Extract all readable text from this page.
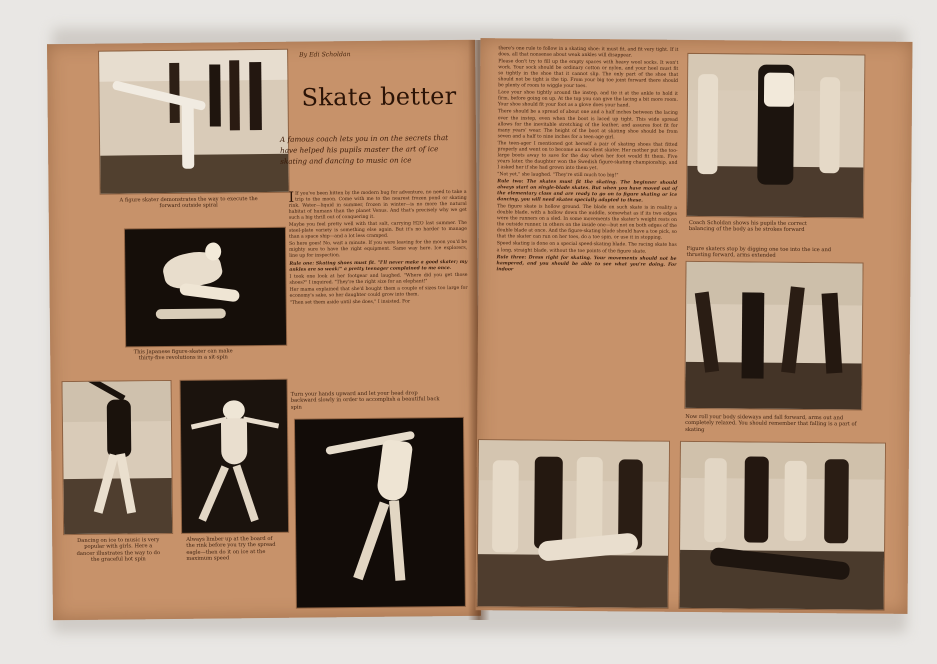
A figure skater demonstrates the way to execute the forward outside spiral
By Edi Scholdan
Skate better
A famous coach lets you in on the secrets that have helped his pupils master the art of ice skating and dancing to music on ice
This Japanese figure-skater can make thirty-five revolutions in a sit-spin
Dancing on ice to music is very popular with girls. Here a dancer illustrates the way to do the graceful hot spin
Always limber up at the board of the rink before you try the spread eagle—then do it on ice at the maximum speed

I If you've been bitten by the modern bug for adventure, no need to take a trip to the moon. Come with me to the nearest frozen pond or skating rink. Water—liquid in summer, frozen in winter—is no more the natural habitat of humans than the planet Venus. And that's precisely why we get such a big thrill out of conquering it.

Maybe you feel pretty well with that salt, carrying H2O last summer. The steel-plate variety is something else again. But it's no harder to manage than a space ship—and a lot less cramped.

So here goes! No, wait a minute. If you were leaving for the moon you'd be mighty sure to have the right equipment. Same way here. Ice explorers, line up for inspection.

Rule one: Skating shoes must fit. "I'll never make a good skater; my ankles are so weak!" a pretty teenager complained to me once.

I took one look at her footgear and laughed. "Where did you get those shoes?" I inquired. "They're the right size for an elephant!"

Her mama explained that she'd bought them a couple of sizes too large for economy's sake, so her daughter could grow into them.

"Then set them aside until she does," I insisted. For

Turn your hands upward and let your head drop backward slowly in order to accomplish a beautiful back spin

there's one rule to follow in a skating shoe: it must fit, and fit very tight. If it does, all that nonsense about weak ankles will disappear.

Please don't try to fill up the empty spaces with heavy wool socks. It won't work. Your sock should be ordinary cotton or nylon, and your heel must fit so tightly in the shoe that it cannot slip. The only part of the shoe that should not be tight is the tip. From your big toe joint forward there should be plenty of room to wiggle your toes.

Lace your shoe tightly around the instep, and tie it at the ankle to hold it firm, before going on up. At the top you can give the lacing a bit more room. Your shoe should fit your foot as a glove does your hand.

There should be a spread of about one and a half inches between the lacing over the instep, even when the boot is laced up tight. This wide spread allows for the inevitable stretching of the leather, and assures foot fit for many years' wear. The height of the boot at skating shoe should be from seven and a half to nine inches for a teen-age girl.

The teen-ager I mentioned got herself a pair of skating shoes that fitted properly and went on to become an excellent skater. Her mother put the too-large boots away to save for the day when her foot would fit them. Five years later, the daughter won the Swedish figure-skating championship, and I asked her if she had grown into them yet.

"Not yet," she laughed. "They're still much too big!"

Rule two: The skates must fit the skating. The beginner should always start on single-blade skates. But when you have moved out of the elementary class and are ready to go on to figure skating or ice dancing, you will need skates specially adapted to these.

The figure skate is hollow ground. The blade on such skate is in reality a double blade, with a hollow down the middle, somewhat as if its two edges were the runners on a sled. In some movements the skater's weight rests on the outside runner, in others on the inside one—but not on both edges of the double blade at once. And the figure-skating blade should have a toe pick, so that the skater can run on her toes, do a toe spin, or use it in stopping.

Speed skating is done on a special speed-skating blade. The racing skate has a long, straight blade, without the toe points of the figure skate.

Rule three: Dress right for skating. Your movements should not be hampered, and you should be able to see what you're doing. For indoor

Coach Scholdan shows his pupils the correct balancing of the body as he strokes forward
Figure skaters stop by digging one toe into the ice and thrusting forward, arms extended
Now roll your body sideways and fall forward, arms out and completely relaxed. You should remember that falling is a part of skating
